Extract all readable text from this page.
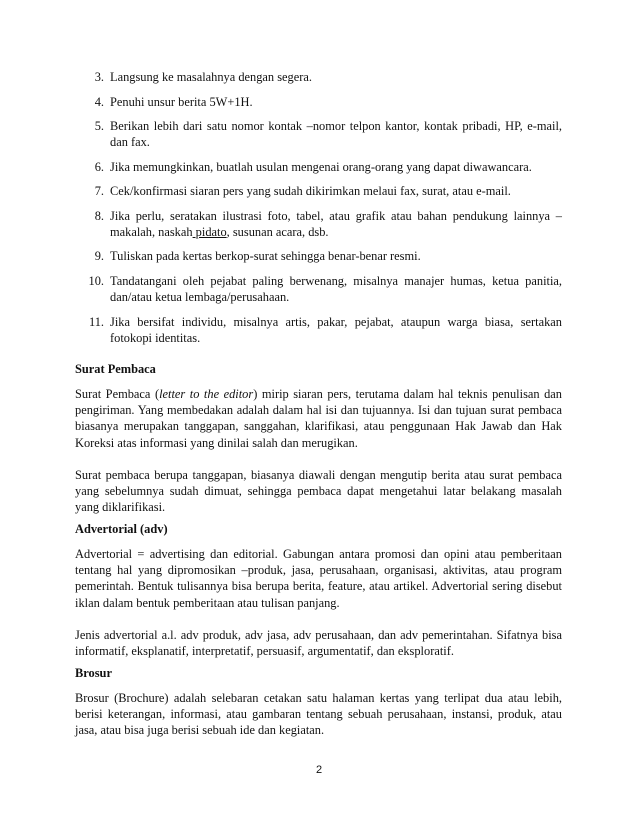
3. Langsung ke masalahnya dengan segera.
4. Penuhi unsur berita 5W+1H.
5. Berikan lebih dari satu nomor kontak –nomor telpon kantor, kontak pribadi, HP, e-mail, dan fax.
6. Jika memungkinkan, buatlah usulan mengenai orang-orang yang dapat diwawancara.
7. Cek/konfirmasi siaran pers yang sudah dikirimkan melaui fax, surat, atau e-mail.
8. Jika perlu, seratakan ilustrasi foto, tabel, atau grafik atau bahan pendukung lainnya – makalah, naskah pidato, susunan acara, dsb.
9. Tuliskan pada kertas berkop-surat sehingga benar-benar resmi.
10. Tandatangani oleh pejabat paling berwenang, misalnya manajer humas, ketua panitia, dan/atau ketua lembaga/perusahaan.
11. Jika bersifat individu, misalnya artis, pakar, pejabat, ataupun warga biasa, sertakan fotokopi identitas.
Surat Pembaca

Surat Pembaca (letter to the editor) mirip siaran pers, terutama dalam hal teknis penulisan dan pengiriman. Yang membedakan adalah dalam hal isi dan tujuannya. Isi dan tujuan surat pembaca biasanya merupakan tanggapan, sanggahan, klarifikasi, atau penggunaan Hak Jawab dan Hak Koreksi atas informasi yang dinilai salah dan merugikan.

Surat pembaca berupa tanggapan, biasanya diawali dengan mengutip berita atau surat pembaca yang sebelumnya sudah dimuat, sehingga pembaca dapat mengetahui latar belakang masalah yang diklarifikasi.

Advertorial (adv)

Advertorial = advertising dan editorial. Gabungan antara promosi dan opini atau pemberitaan tentang hal yang dipromosikan –produk, jasa, perusahaan, organisasi, aktivitas, atau program pemerintah. Bentuk tulisannya bisa berupa berita, feature, atau artikel. Advertorial sering disebut iklan dalam bentuk pemberitaan atau tulisan panjang.

Jenis advertorial a.l. adv produk, adv jasa, adv perusahaan, dan adv pemerintahan. Sifatnya bisa informatif, eksplanatif, interpretatif, persuasif, argumentatif, dan eksploratif.

Brosur

Brosur (Brochure) adalah selebaran cetakan satu halaman kertas yang terlipat dua atau lebih, berisi keterangan, informasi, atau gambaran tentang sebuah perusahaan, instansi, produk, atau jasa, atau bisa juga berisi sebuah ide dan kegiatan.

2
